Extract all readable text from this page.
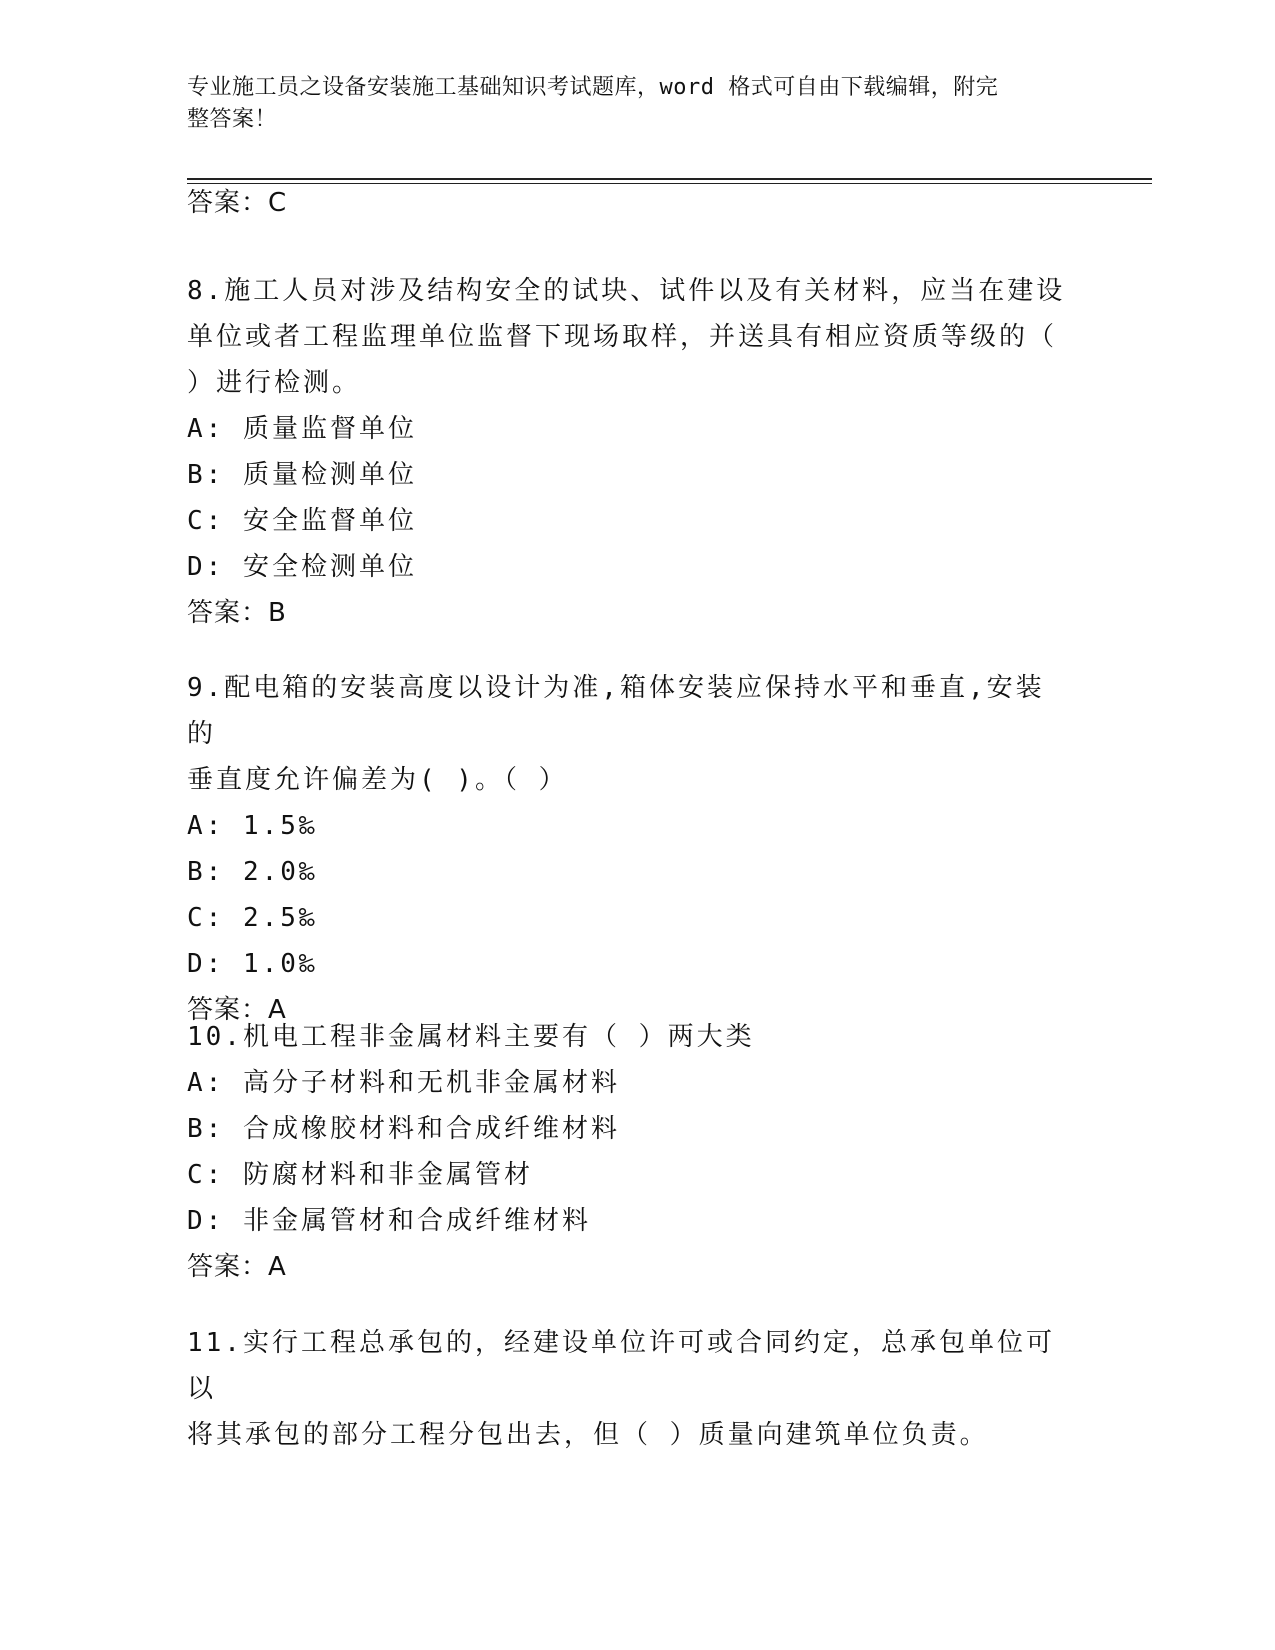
专业施工员之设备安装施工基础知识考试题库，word 格式可自由下载编辑，附完
整答案！
答案：C
8.施工人员对涉及结构安全的试块、试件以及有关材料，应当在建设
单位或者工程监理单位监督下现场取样，并送具有相应资质等级的（
）进行检测。
A: 质量监督单位
B: 质量检测单位
C: 安全监督单位
D: 安全检测单位
答案：B
9.配电箱的安装高度以设计为准,箱体安装应保持水平和垂直,安装的
垂直度允许偏差为( )。（ ）
A: 1.5‰
B: 2.0‰
C: 2.5‰
D: 1.0‰
答案：A
10.机电工程非金属材料主要有（ ）两大类
A: 高分子材料和无机非金属材料
B: 合成橡胶材料和合成纤维材料
C: 防腐材料和非金属管材
D: 非金属管材和合成纤维材料
答案：A
11.实行工程总承包的，经建设单位许可或合同约定，总承包单位可以
将其承包的部分工程分包出去，但（ ）质量向建筑单位负责。
